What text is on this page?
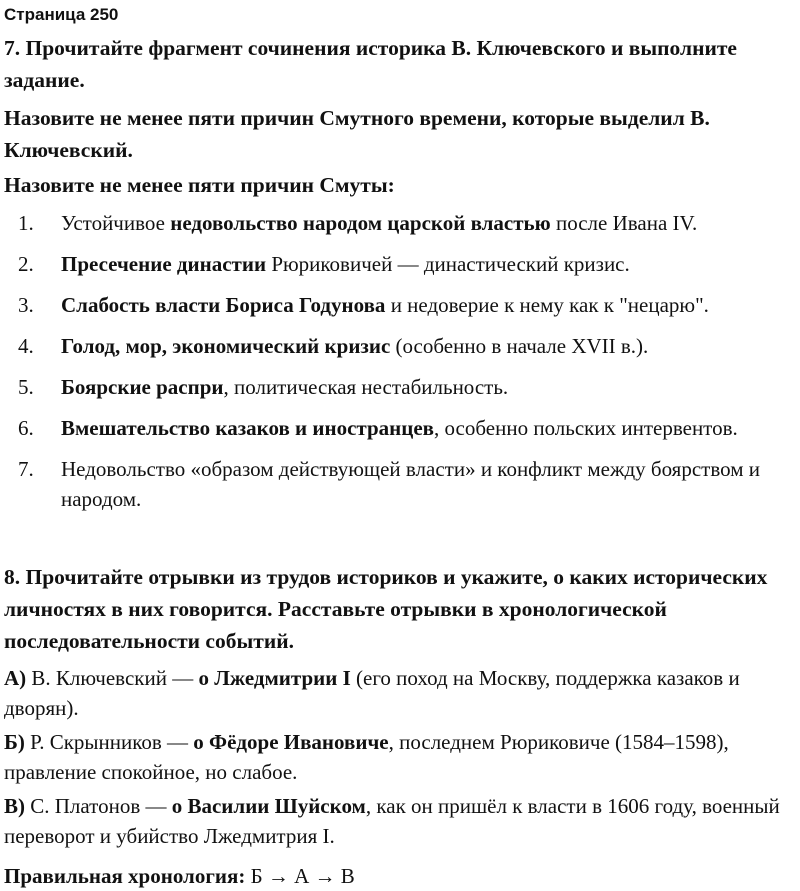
Страница 250
7. Прочитайте фрагмент сочинения историка В. Ключевского и выполните задание.
Назовите не менее пяти причин Смутного времени, которые выделил В. Ключевский.
Назовите не менее пяти причин Смуты:
1.	Устойчивое недовольство народом царской властью после Ивана IV.
2.	Пресечение династии Рюриковичей — династический кризис.
3.	Слабость власти Бориса Годунова и недоверие к нему как к "нецарю".
4.	Голод, мор, экономический кризис (особенно в начале XVII в.).
5.	Боярские распри, политическая нестабильность.
6.	Вмешательство казаков и иностранцев, особенно польских интервентов.
7.	Недовольство «образом действующей власти» и конфликт между боярством и народом.
8. Прочитайте отрывки из трудов историков и укажите, о каких исторических личностях в них говорится. Расставьте отрывки в хронологической последовательности событий.
А) В. Ключевский — о Лжедмитрии I (его поход на Москву, поддержка казаков и дворян).
Б) Р. Скрынников — о Фёдоре Ивановиче, последнем Рюриковиче (1584–1598), правление спокойное, но слабое.
В) С. Платонов — о Василии Шуйском, как он пришёл к власти в 1606 году, военный переворот и убийство Лжедмитрия I.
Правильная хронология: Б → А → В
